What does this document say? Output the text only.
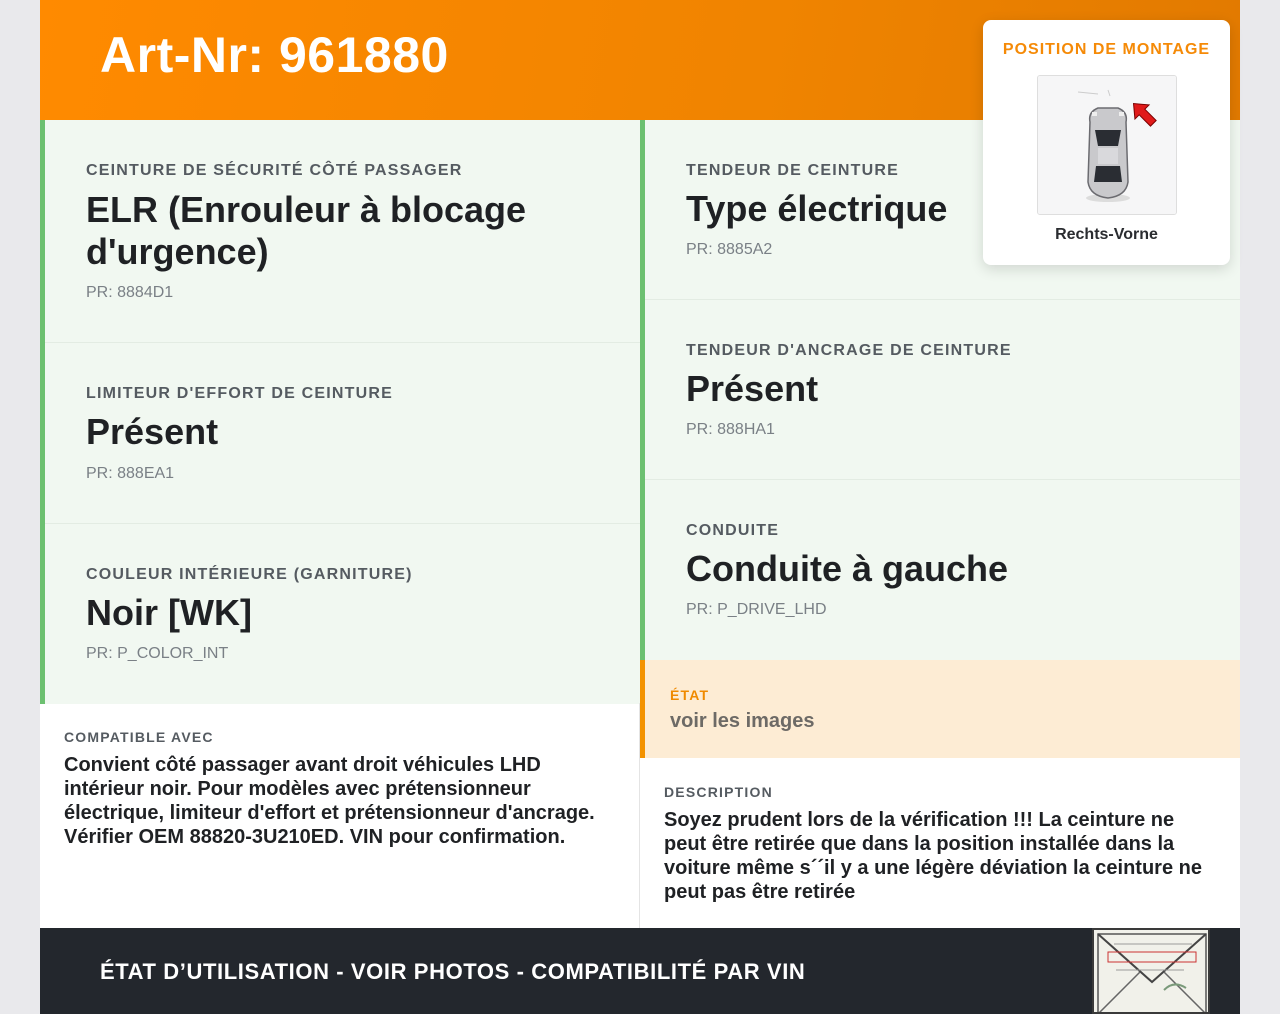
Art-Nr: 961880
CEINTURE DE SÉCURITÉ CÔTÉ PASSAGER
ELR (Enrouleur à blocage d'urgence)
PR: 8884D1
LIMITEUR D'EFFORT DE CEINTURE
Présent
PR: 888EA1
COULEUR INTÉRIEURE (GARNITURE)
Noir [WK]
PR: P_COLOR_INT
TENDEUR DE CEINTURE
Type électrique
PR: 8885A2
TENDEUR D'ANCRAGE DE CEINTURE
Présent
PR: 888HA1
CONDUITE
Conduite à gauche
PR: P_DRIVE_LHD
ÉTAT
voir les images
COMPATIBLE AVEC
Convient côté passager avant droit véhicules LHD intérieur noir. Pour modèles avec prétensionneur électrique, limiteur d'effort et prétensionneur d'ancrage. Vérifier OEM 88820-3U210ED. VIN pour confirmation.
DESCRIPTION
Soyez prudent lors de la vérification !!! La ceinture ne peut être retirée que dans la position installée dans la voiture même s´´il y a une légère déviation la ceinture ne peut pas être retirée
ÉTAT D’UTILISATION - VOIR PHOTOS - COMPATIBILITÉ PAR VIN
POSITION DE MONTAGE
Rechts-Vorne
